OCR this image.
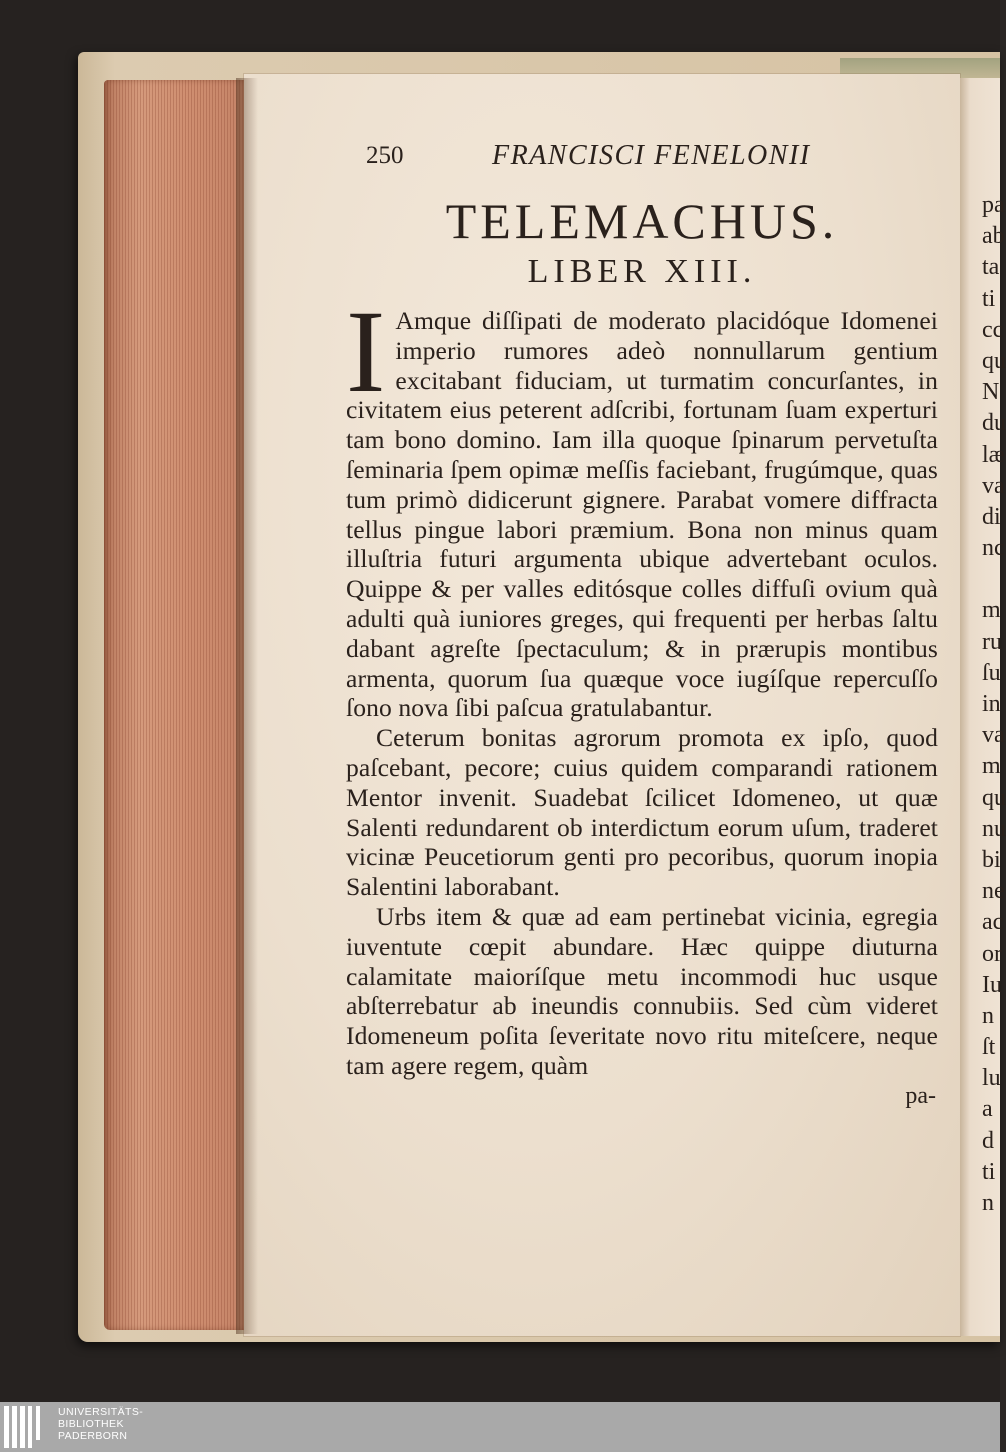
pa
ab
ta
ti
cc
qu
N
du
læ
va
di
nc
m
ru
ſu
in
va
m
qu
nu
bi
ne
ac
or
Iu
n
ſt
lu
a
d
ti
n
250	FRANCISCI FENELONII
TELEMACHUS.
LIBER XIII.

I Amque diſſipati de moderato placidóque Idomenei imperio rumores adeò nonnullarum gentium excitabant fiduciam, ut turmatim concurſantes, in civitatem eius peterent adſcribi, fortunam ſuam experturi tam bono domino. Iam illa quoque ſpinarum pervetuſta ſeminaria ſpem opimæ meſſis faciebant, frugúmque, quas tum primò didicerunt gignere. Parabat vomere diffracta tellus pingue labori præmium. Bona non minus quam illuſtria futuri argumenta ubique advertebant oculos. Quippe & per valles editósque colles diffuſi ovium quà adulti quà iuniores greges, qui frequenti per herbas ſaltu dabant agreſte ſpectaculum; & in prærupis montibus armenta, quorum ſua quæque voce iugíſque repercuſſo ſono nova ſibi paſcua gratulabantur.

Ceterum bonitas agrorum promota ex ipſo, quod paſcebant, pecore; cuius quidem comparandi rationem Mentor invenit. Suadebat ſcilicet Idomeneo, ut quæ Salenti redundarent ob interdictum eorum uſum, traderet vicinæ Peucetiorum genti pro pecoribus, quorum inopia Salentini laborabant.

Urbs item & quæ ad eam pertinebat vicinia, egregia iuventute cœpit abundare. Hæc quippe diuturna calamitate maioríſque metu incommodi huc usque abſterrebatur ab ineundis connubiis. Sed cùm videret Idomeneum poſita ſeveritate novo ritu miteſcere, neque tam agere regem, quàm

pa-
UNIVERSITÄTS-
BIBLIOTHEK
PADERBORN
